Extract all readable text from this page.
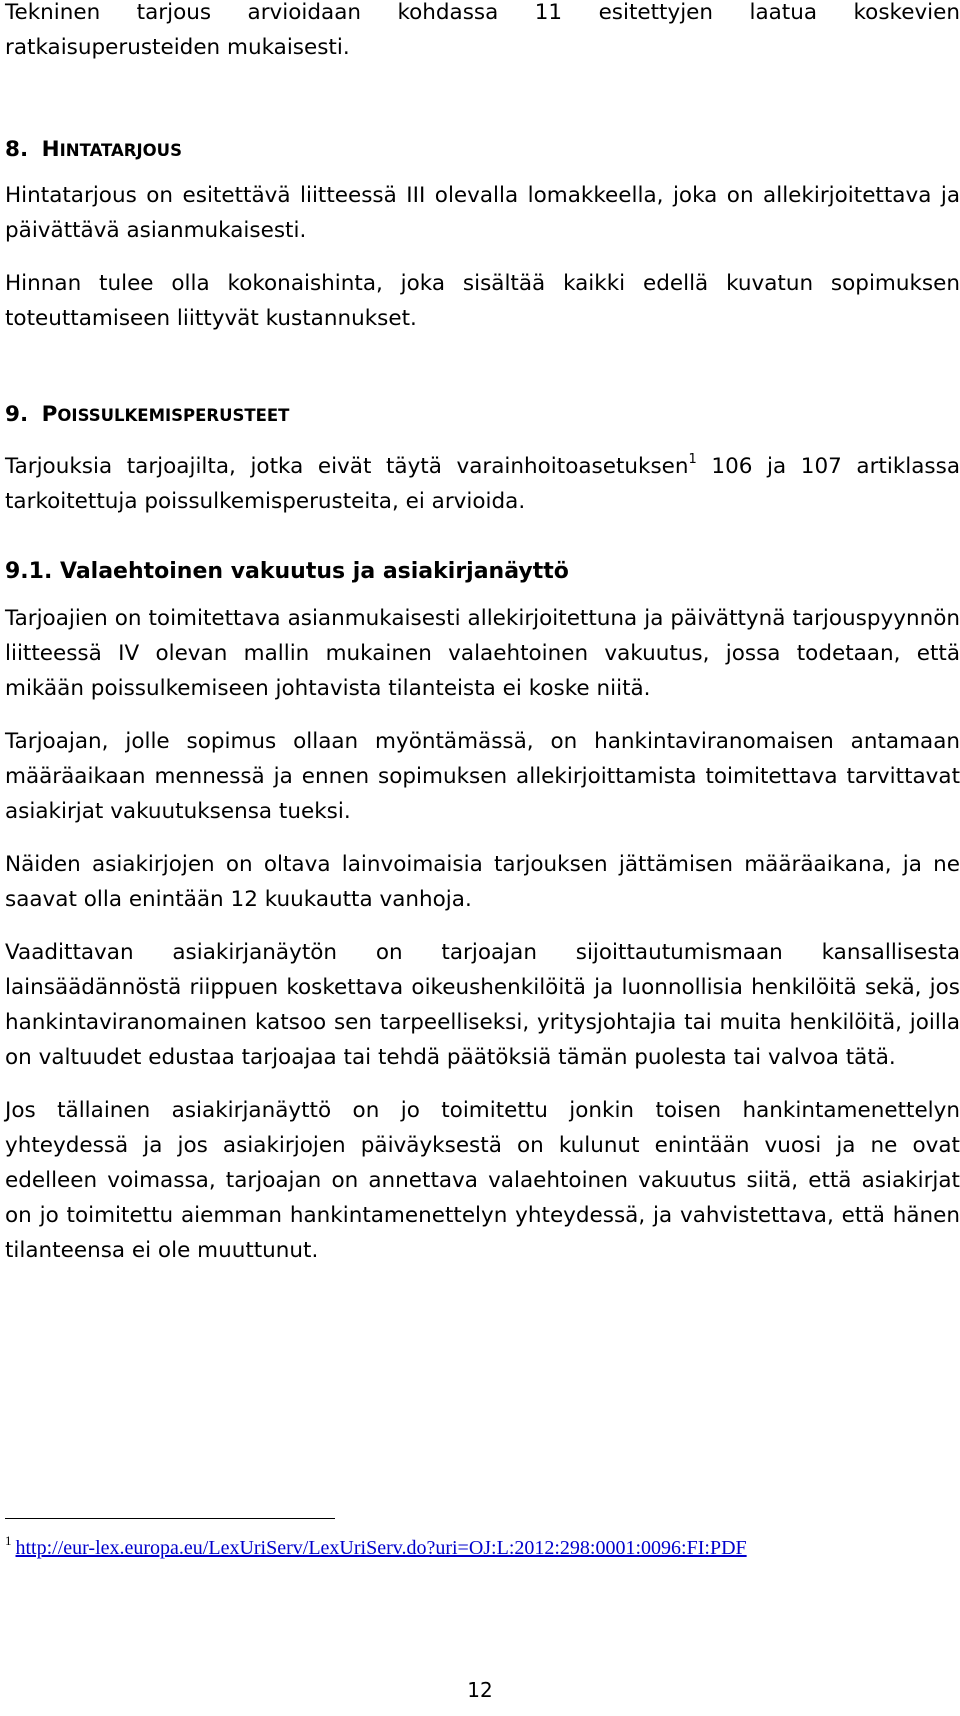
Tekninen tarjous arvioidaan kohdassa 11 esitettyjen laatua koskevien ratkaisuperusteiden mukaisesti.

8. HINTATARJOUS

Hintatarjous on esitettävä liitteessä III olevalla lomakkeella, joka on allekirjoitettava ja päivättävä asianmukaisesti.

Hinnan tulee olla kokonaishinta, joka sisältää kaikki edellä kuvatun sopimuksen toteuttamiseen liittyvät kustannukset.

9. POISSULKEMISPERUSTEET

Tarjouksia tarjoajilta, jotka eivät täytä varainhoitoasetuksen$^1$ 106 ja 107 artiklassa tarkoitettuja poissulkemisperusteita, ei arvioida.

9.1. Valaehtoinen vakuutus ja asiakirjanäyttö

Tarjoajien on toimitettava asianmukaisesti allekirjoitettuna ja päivättynä tarjouspyynnön liitteessä IV olevan mallin mukainen valaehtoinen vakuutus, jossa todetaan, että mikään poissulkemiseen johtavista tilanteista ei koske niitä.

Tarjoajan, jolle sopimus ollaan myöntämässä, on hankintaviranomaisen antamaan määräaikaan mennessä ja ennen sopimuksen allekirjoittamista toimitettava tarvittavat asiakirjat vakuutuksensa tueksi.

Näiden asiakirjojen on oltava lainvoimaisia tarjouksen jättämisen määräaikana, ja ne saavat olla enintään 12 kuukautta vanhoja.

Vaadittavan asiakirjanäytön on tarjoajan sijoittautumismaan kansallisesta lainsäädännöstä riippuen koskettava oikeushenkilöitä ja luonnollisia henkilöitä sekä, jos hankintaviranomainen katsoo sen tarpeelliseksi, yritysjohtajia tai muita henkilöitä, joilla on valtuudet edustaa tarjoajaa tai tehdä päätöksiä tämän puolesta tai valvoa tätä.

Jos tällainen asiakirjanäyttö on jo toimitettu jonkin toisen hankintamenettelyn yhteydessä ja jos asiakirjojen päiväyksestä on kulunut enintään vuosi ja ne ovat edelleen voimassa, tarjoajan on annettava valaehtoinen vakuutus siitä, että asiakirjat on jo toimitettu aiemman hankintamenettelyn yhteydessä, ja vahvistettava, että hänen tilanteensa ei ole muuttunut.

$^1$ http://eur-lex.europa.eu/LexUriServ/LexUriServ.do?uri=OJ:L:2012:298:0001:0096:FI:PDF
12
